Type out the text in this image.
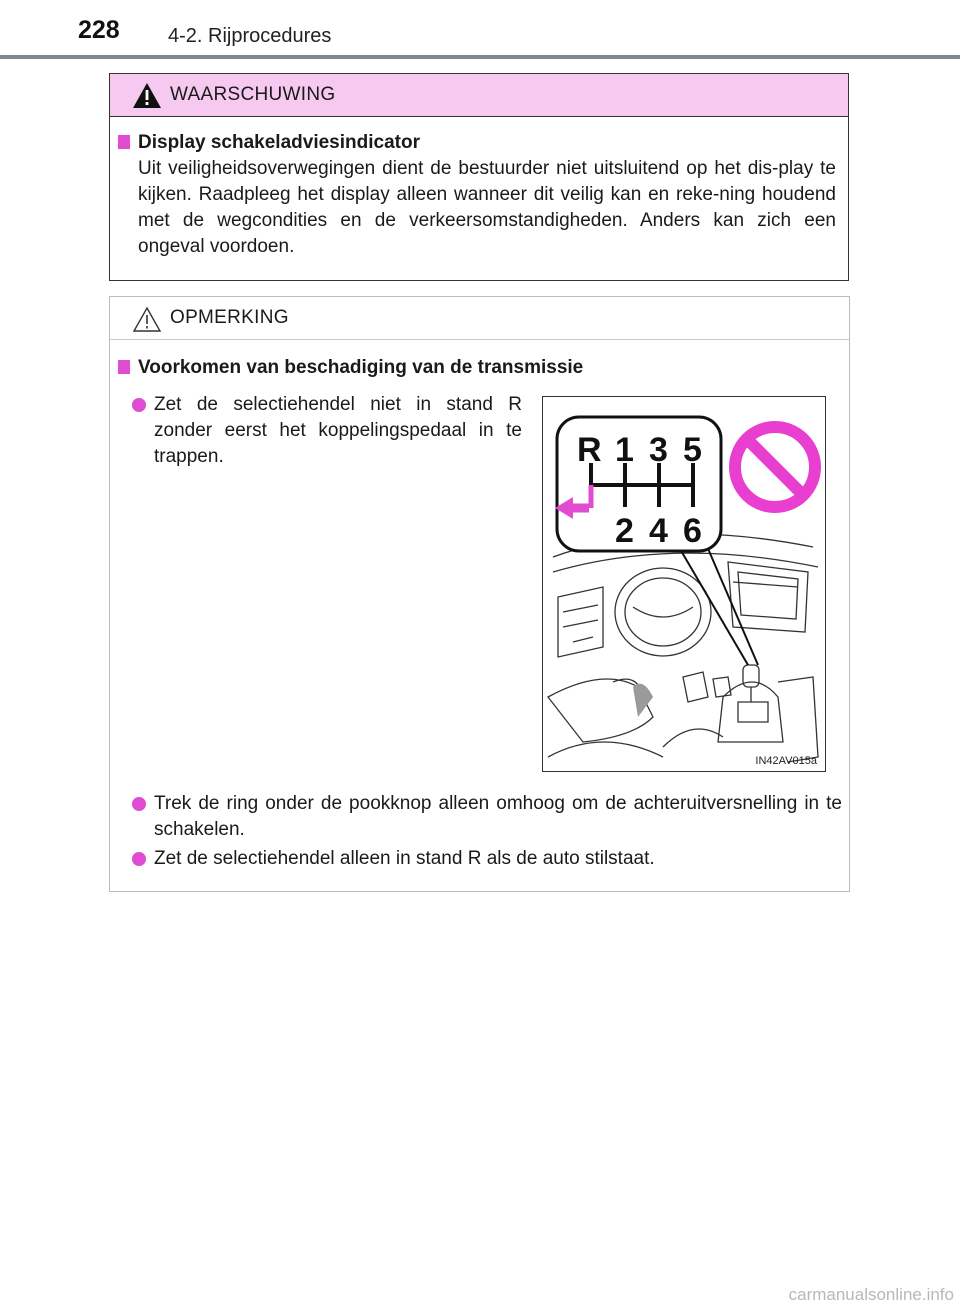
228 4-2. Rijprocedures
WAARSCHUWING
Display schakeladviesindicator
Uit veiligheidsoverwegingen dient de bestuurder niet uitsluitend op het dis-play te kijken. Raadpleeg het display alleen wanneer dit veilig kan en reke-ning houdend met de wegcondities en de verkeersomstandigheden. Anders kan zich een ongeval voordoen.
OPMERKING
Voorkomen van beschadiging van de transmissie
Zet de selectiehendel niet in stand R zonder eerst het koppelingspedaal in te trappen.
Trek de ring onder de pookknop alleen omhoog om de achteruitversnelling in te schakelen.
Zet de selectiehendel alleen in stand R als de auto stilstaat.
R 1 3 5
2 4 6
IN42AV015a
carmanualsonline.info
